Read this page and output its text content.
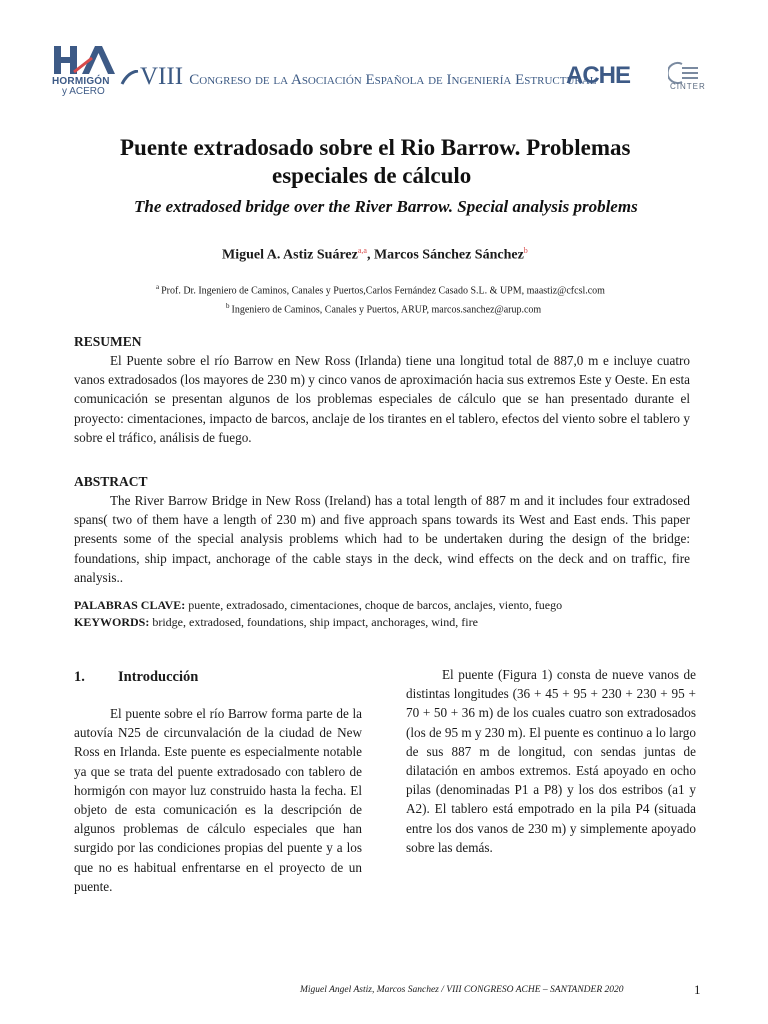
HORMIGÓN
y ACERO
VIII Congreso de la Asociación Española de Ingeniería Estructural
ACHE	CINTER
Puente extradosado sobre el Rio Barrow. Problemas
especiales de cálculo
The extradosed bridge over the River Barrow. Special analysis problems
Miguel A. Astiz Suárez$^{a,a}$, Marcos Sánchez Sánchez$^b$
$^a$ Prof. Dr. Ingeniero de Caminos, Canales y Puertos,Carlos Fernández Casado S.L. & UPM, maastiz@cfcsl.com
$^b$ Ingeniero de Caminos, Canales y Puertos, ARUP, marcos.sanchez@arup.com
RESUMEN
El Puente sobre el río Barrow en New Ross (Irlanda) tiene una longitud total de 887,0 m e incluye cuatro vanos extradosados (los mayores de 230 m) y cinco vanos de aproximación hacia sus extremos Este y Oeste. En esta comunicación se presentan algunos de los problemas especiales de cálculo que se han presentado durante el proyecto: cimentaciones, impacto de barcos, anclaje de los tirantes en el tablero, efectos del viento sobre el tablero y sobre el tráfico, análisis de fuego.
ABSTRACT
The River Barrow Bridge in New Ross (Ireland) has a total length of 887 m and it includes four extradosed spans( two of them have a length of 230 m) and five approach spans towards its West and East ends. This paper presents some of the special analysis problems which had to be undertaken during the design of the bridge: foundations, ship impact, anchorage of the cable stays in the deck, wind effects on the deck and on traffic, fire analysis..
PALABRAS CLAVE: puente, extradosado, cimentaciones, choque de barcos, anclajes, viento, fuego
KEYWORDS: bridge, extradosed, foundations, ship impact, anchorages, wind, fire
1. Introducción
El puente sobre el río Barrow forma parte de la autovía N25 de circunvalación de la ciudad de New Ross en Irlanda. Este puente es especialmente notable ya que se trata del puente extradosado con tablero de hormigón con mayor luz construido hasta la fecha. El objeto de esta comunicación es la descripción de algunos problemas de cálculo especiales que han surgido por las condiciones propias del puente y a los que no es habitual enfrentarse en el proyecto de un puente.
El puente (Figura 1) consta de nueve vanos de distintas longitudes (36 + 45 + 95 + 230 + 230 + 95 + 70 + 50 + 36 m) de los cuales cuatro son extradosados (los de 95 m y 230 m). El puente es continuo a lo largo de sus 887 m de longitud, con sendas juntas de dilatación en ambos extremos. Está apoyado en ocho pilas (denominadas P1 a P8) y los dos estribos (a1 y A2). El tablero está empotrado en la pila P4 (situada entre los dos vanos de 230 m) y simplemente apoyado sobre las demás.
Miguel Angel Astiz, Marcos Sanchez / VIII CONGRESO ACHE – SANTANDER 2020	1
